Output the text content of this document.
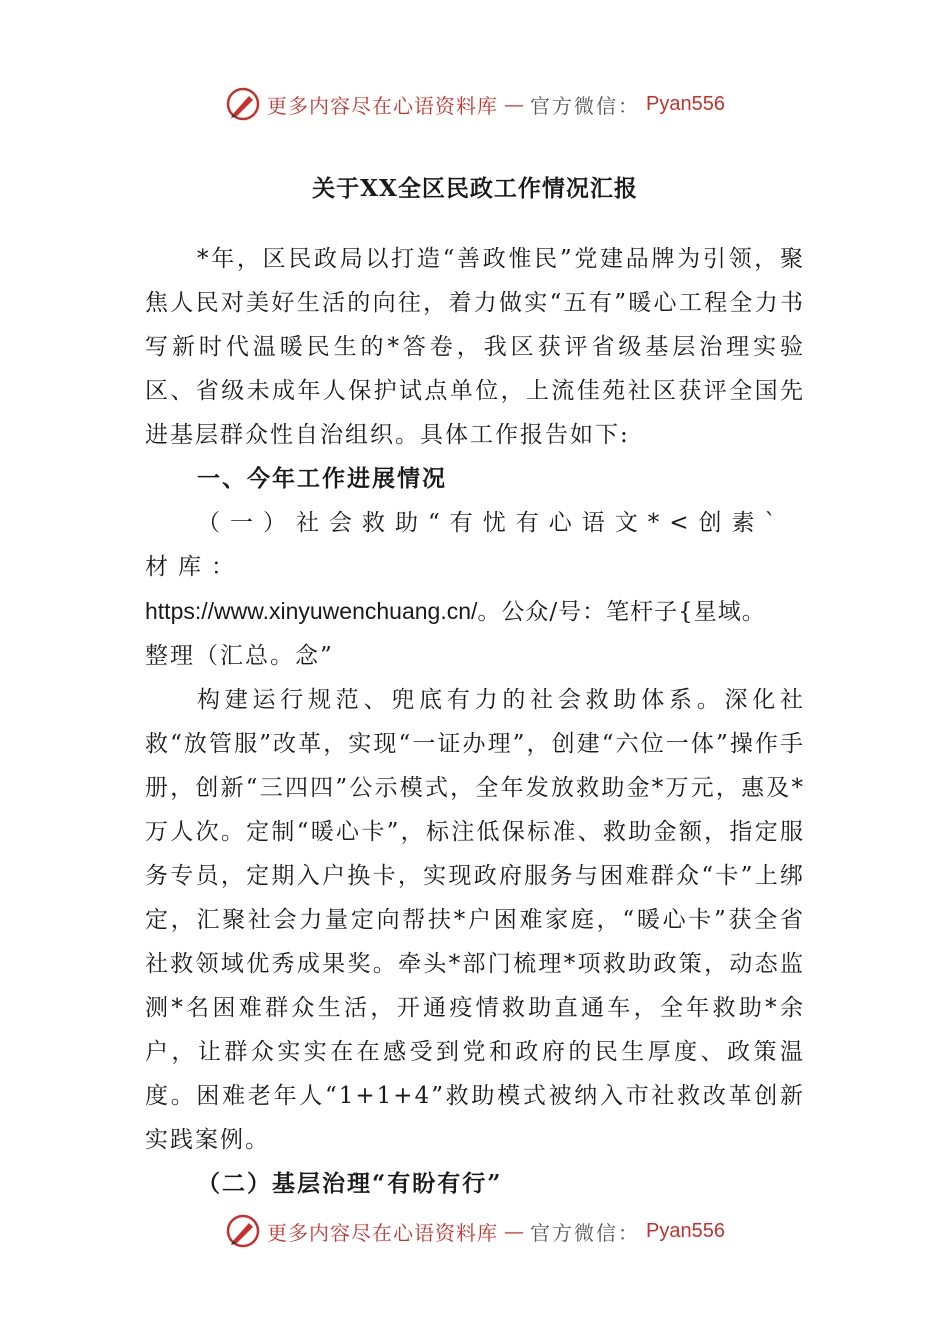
更多内容尽在心语资料库 — 官方微信： Pyan556
关于XX全区民政工作情况汇报

*年，区民政局以打造“善政惟民”党建品牌为引领，聚焦人民对美好生活的向往，着力做实“五有”暖心工程全力书写新时代温暖民生的*答卷，我区获评省级基层治理实验区、省级未成年人保护试点单位，上流佳苑社区获评全国先进基层群众性自治组织。具体工作报告如下:

一、今年工作进展情况

（一）社会救助“有忧有心语文*<创素`材库：

https://www.xinyuwenchuang.cn/。公众/号：笔杆子{星域。

整理（汇总。念”

构建运行规范、兜底有力的社会救助体系。深化社救“放管服”改革，实现“一证办理”，创建“六位一体”操作手册，创新“三四四”公示模式，全年发放救助金*万元，惠及*万人次。定制“暖心卡”，标注低保标准、救助金额，指定服务专员，定期入户换卡，实现政府服务与困难群众“卡”上绑定，汇聚社会力量定向帮扶*户困难家庭，“暖心卡”获全省社救领域优秀成果奖。牵头*部门梳理*项救助政策，动态监测*名困难群众生活，开通疫情救助直通车，全年救助*余户，让群众实实在在感受到党和政府的民生厚度、政策温度。困难老年人“1+1+4”救助模式被纳入市社救改革创新实践案例。

（二）基层治理“有盼有行”

更多内容尽在心语资料库 — 官方微信： Pyan556
